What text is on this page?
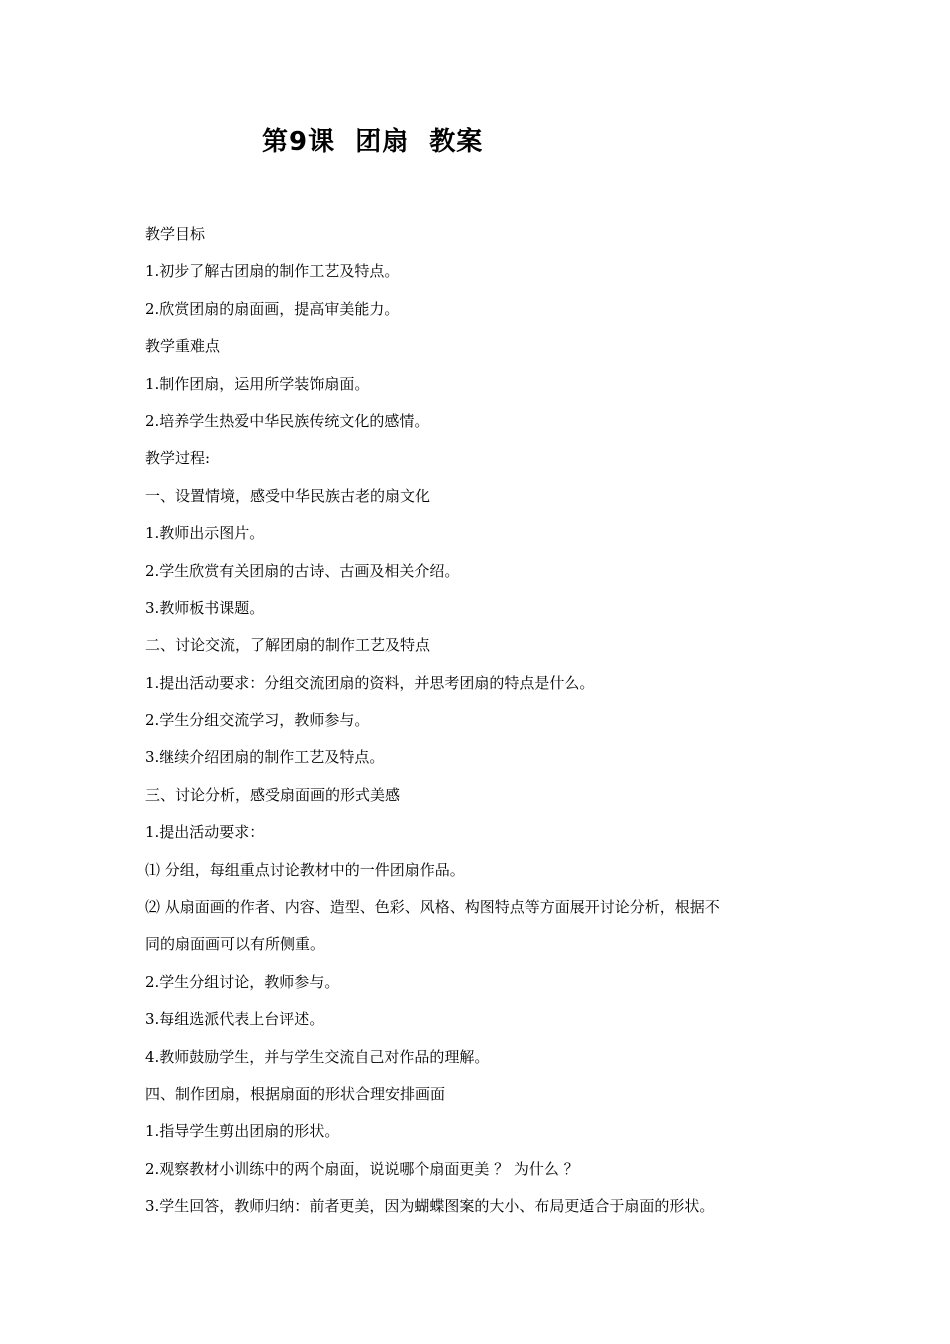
第9课  团扇  教案

教学目标

1.初步了解古团扇的制作工艺及特点。

2.欣赏团扇的扇面画，提高审美能力。

教学重难点

1.制作团扇，运用所学装饰扇面。

2.培养学生热爱中华民族传统文化的感情。

教学过程:

一、设置情境，感受中华民族古老的扇文化

1.教师出示图片。

2.学生欣赏有关团扇的古诗、古画及相关介绍。

3.教师板书课题。

二、讨论交流，了解团扇的制作工艺及特点

1.提出活动要求：分组交流团扇的资料，并思考团扇的特点是什么。

2.学生分组交流学习，教师参与。

3.继续介绍团扇的制作工艺及特点。

三、讨论分析，感受扇面画的形式美感

1.提出活动要求：

⑴ 分组，每组重点讨论教材中的一件团扇作品。

⑵ 从扇面画的作者、内容、造型、色彩、风格、构图特点等方面展开讨论分析，根据不

同的扇面画可以有所侧重。

2.学生分组讨论，教师参与。

3.每组选派代表上台评述。

4.教师鼓励学生，并与学生交流自己对作品的理解。

四、制作团扇，根据扇面的形状合理安排画面

1.指导学生剪出团扇的形状。

2.观察教材小训练中的两个扇面，说说哪个扇面更美 ？ 为什么 ？

3.学生回答，教师归纳：前者更美，因为蝴蝶图案的大小、布局更适合于扇面的形状。
